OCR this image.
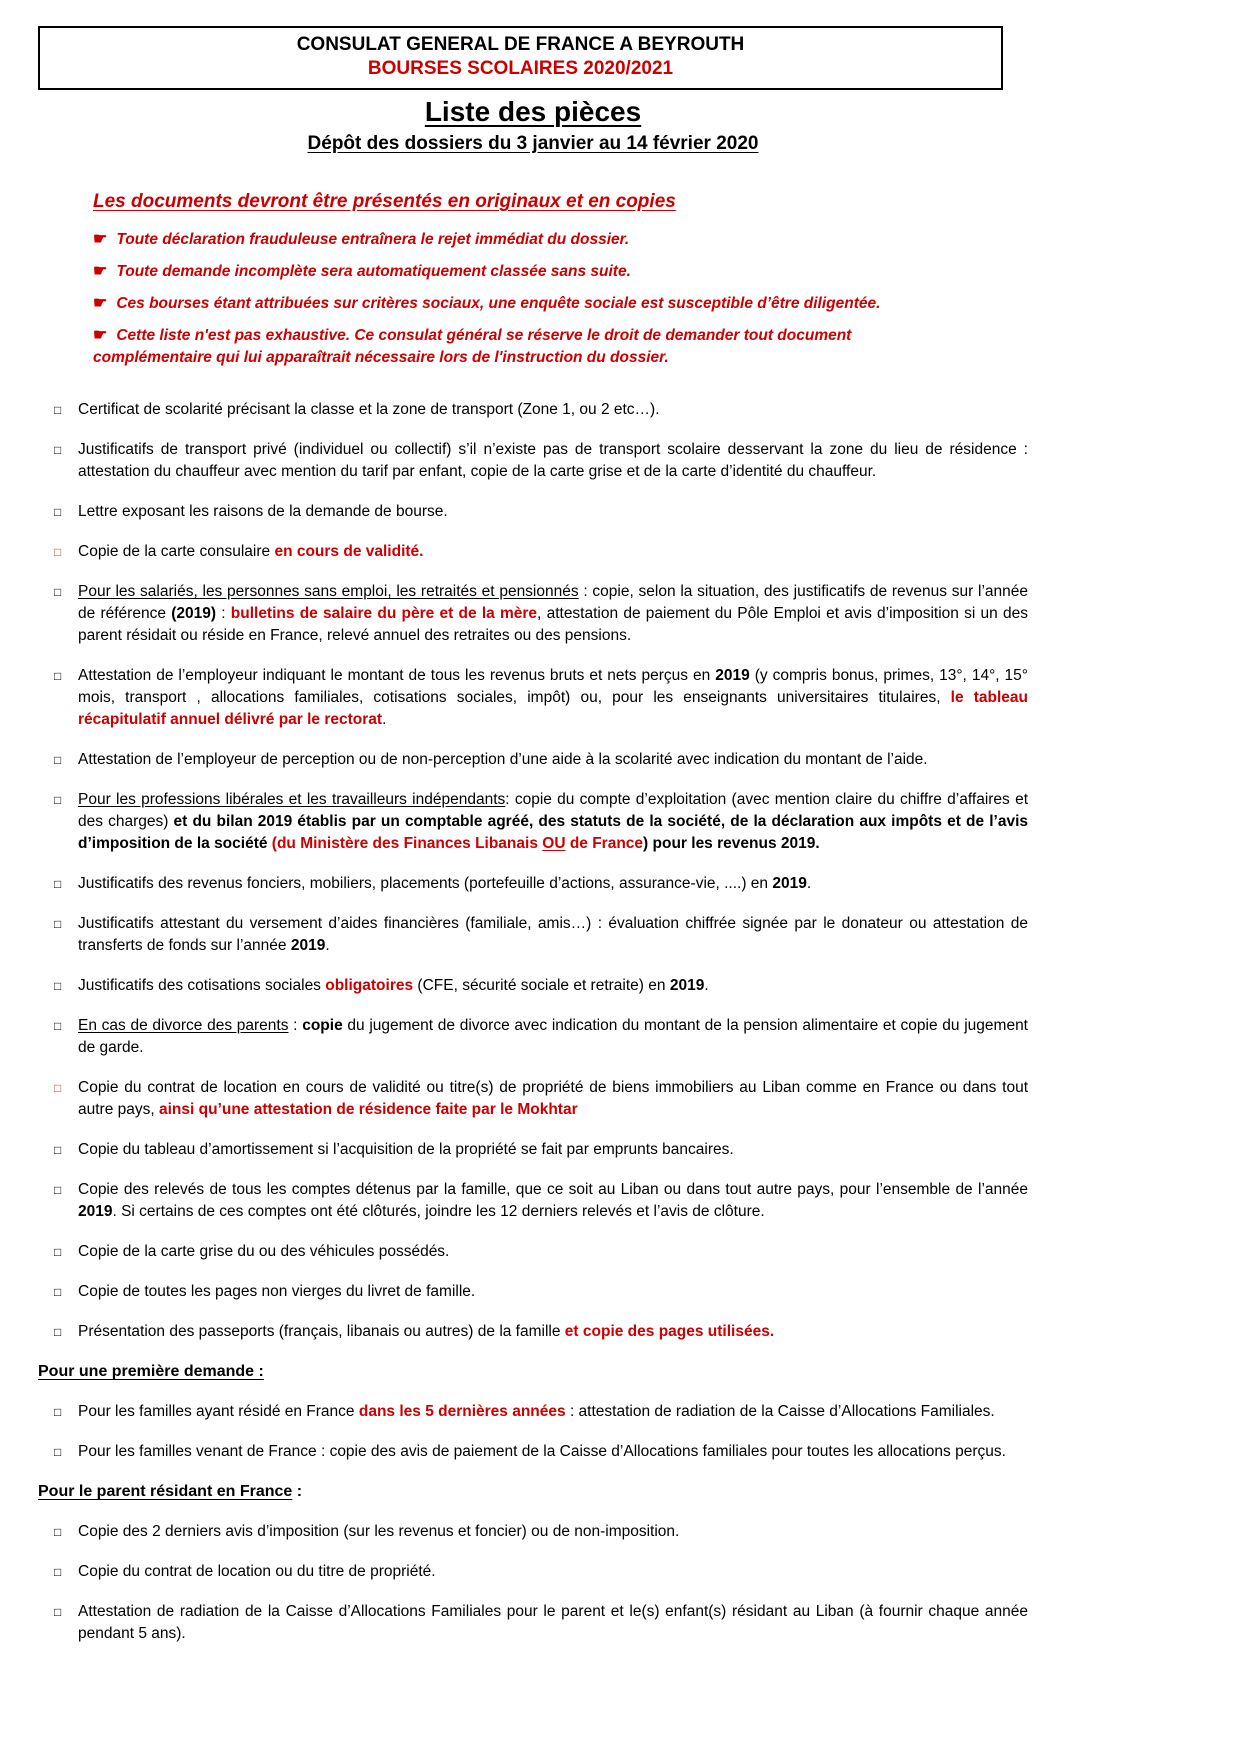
CONSULAT GENERAL DE FRANCE A BEYROUTH
BOURSES SCOLAIRES 2020/2021
Liste des pièces
Dépôt des dossiers du 3 janvier au 14 février 2020
Les documents devront être présentés en originaux et en copies
☛ Toute déclaration frauduleuse entraînera le rejet immédiat du dossier.
☛ Toute demande incomplète sera automatiquement classée sans suite.
☛ Ces bourses étant attribuées sur critères sociaux, une enquête sociale est susceptible d’être diligentée.
☛ Cette liste n'est pas exhaustive. Ce consulat général se réserve le droit de demander tout document complémentaire qui lui apparaîtrait nécessaire lors de l'instruction du dossier.
□	Certificat de scolarité précisant la classe et la zone de transport (Zone 1, ou 2 etc…).
□	Justificatifs de transport privé (individuel ou collectif) s’il n’existe pas de transport scolaire desservant la zone du lieu de résidence : attestation du chauffeur avec mention du tarif par enfant, copie de la carte grise et de la carte d’identité du chauffeur.
□	Lettre exposant les raisons de la demande de bourse.
□	Copie de la carte consulaire en cours de validité.
□	Pour les salariés, les personnes sans emploi, les retraités et pensionnés : copie, selon la situation, des justificatifs de revenus sur l’année de référence (2019) : bulletins de salaire du père et de la mère, attestation de paiement du Pôle Emploi et avis d’imposition si un des parent résidait ou réside en France, relevé annuel des retraites ou des pensions.
□	Attestation de l’employeur indiquant le montant de tous les revenus bruts et nets perçus en 2019 (y compris bonus, primes, 13°, 14°, 15° mois, transport , allocations familiales, cotisations sociales, impôt) ou, pour les enseignants universitaires titulaires, le tableau récapitulatif annuel délivré par le rectorat.
□	Attestation de l’employeur de perception ou de non-perception d’une aide à la scolarité avec indication du montant de l’aide.
□	Pour les professions libérales et les travailleurs indépendants: copie du compte d’exploitation (avec mention claire du chiffre d’affaires et des charges) et du bilan 2019 établis par un comptable agréé, des statuts de la société, de la déclaration aux impôts et de l’avis d’imposition de la société (du Ministère des Finances Libanais OU de France) pour les revenus 2019.
□	Justificatifs des revenus fonciers, mobiliers, placements (portefeuille d’actions, assurance-vie, ....) en 2019.
□	Justificatifs attestant du versement d’aides financières (familiale, amis…) : évaluation chiffrée signée par le donateur ou attestation de transferts de fonds sur l’année 2019.
□	Justificatifs des cotisations sociales obligatoires (CFE, sécurité sociale et retraite) en 2019.
□	En cas de divorce des parents : copie du jugement de divorce avec indication du montant de la pension alimentaire et copie du jugement de garde.
□	Copie du contrat de location en cours de validité ou titre(s) de propriété de biens immobiliers au Liban comme en France ou dans tout autre pays, ainsi qu’une attestation de résidence faite par le Mokhtar
□	Copie du tableau d’amortissement si l’acquisition de la propriété se fait par emprunts bancaires.
□	Copie des relevés de tous les comptes détenus par la famille, que ce soit au Liban ou dans tout autre pays, pour l’ensemble de l’année 2019. Si certains de ces comptes ont été clôturés, joindre les 12 derniers relevés et l’avis de clôture.
□	Copie de la carte grise du ou des véhicules possédés.
□	Copie de toutes les pages non vierges du livret de famille.
□	Présentation des passeports (français, libanais ou autres) de la famille et copie des pages utilisées.
Pour une première demande :
□	Pour les familles ayant résidé en France dans les 5 dernières années : attestation de radiation de la Caisse d’Allocations Familiales.
□	Pour les familles venant de France : copie des avis de paiement de la Caisse d’Allocations familiales pour toutes les allocations perçus.
Pour le parent résidant en France :
□	Copie des 2 derniers avis d’imposition (sur les revenus et foncier) ou de non-imposition.
□	Copie du contrat de location ou du titre de propriété.
□	Attestation de radiation de la Caisse d’Allocations Familiales pour le parent et le(s) enfant(s) résidant au Liban (à fournir chaque année pendant 5 ans).
